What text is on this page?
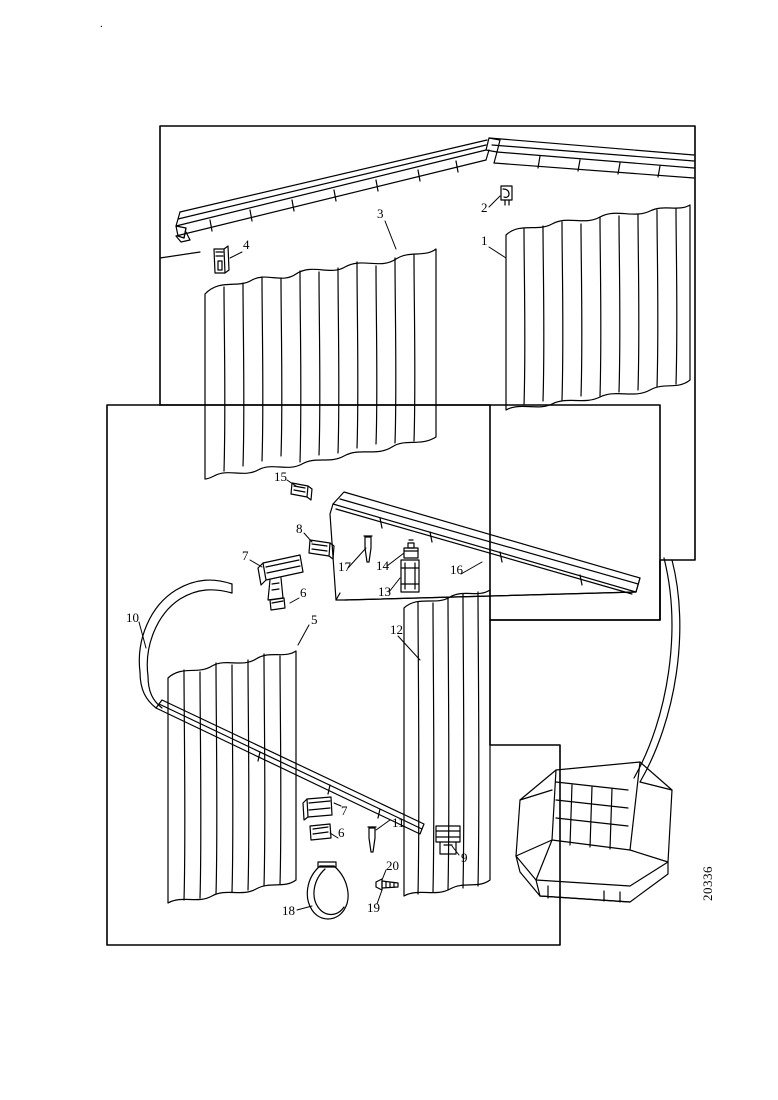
1
2
3
4
5
6
6
7
7
8
9
10
11
12
13
14
15
16
17
18	19
20
20336
.
